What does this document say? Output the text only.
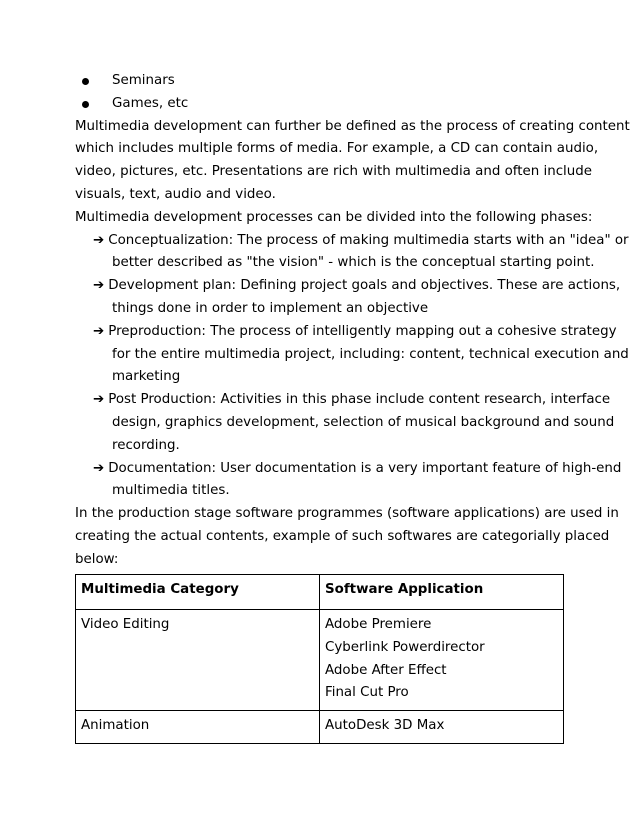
Seminars
Games, etc
Multimedia development can further be defined as the process of creating content
which includes multiple forms of media. For example, a CD can contain audio,
video, pictures, etc. Presentations are rich with multimedia and often include
visuals, text, audio and video.
Multimedia development processes can be divided into the following phases:
➔ Conceptualization: The process of making multimedia starts with an "idea" or
better described as "the vision" - which is the conceptual starting point.
➔ Development plan: Defining project goals and objectives. These are actions,
things done in order to implement an objective
➔ Preproduction: The process of intelligently mapping out a cohesive strategy
for the entire multimedia project, including: content, technical execution and
marketing
➔ Post Production: Activities in this phase include content research, interface
design, graphics development, selection of musical background and sound
recording.
➔ Documentation: User documentation is a very important feature of high-end
multimedia titles.
In the production stage software programmes (software applications) are used in
creating the actual contents, example of such softwares are categorially placed
below:
Multimedia Category	Software Application
Video Editing	Adobe Premiere
Cyberlink Powerdirector
Adobe After Effect
Final Cut Pro

Animation	AutoDesk 3D Max
